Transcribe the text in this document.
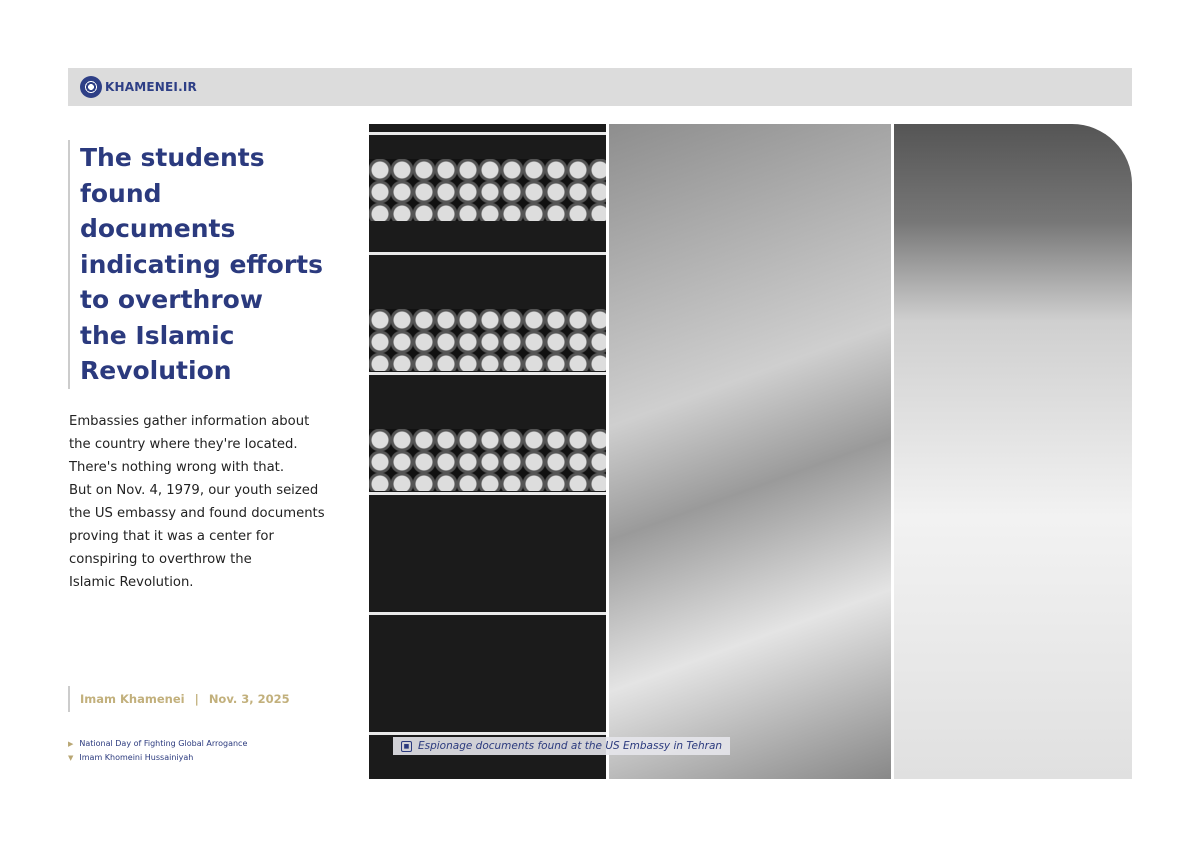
KHAMENEI.IR
The students
found
documents
indicating efforts
to overthrow
the Islamic
Revolution
Embassies gather information about
the country where they're located.
There's nothing wrong with that.
But on Nov. 4, 1979, our youth seized
the US embassy and found documents
proving that it was a center for
conspiring to overthrow the
Islamic Revolution.
Imam Khamenei | Nov. 3, 2025
▶ National Day of Fighting Global Arrogance
▼ Imam Khomeini Hussainiyah
■ Espionage documents found at the US Embassy in Tehran
